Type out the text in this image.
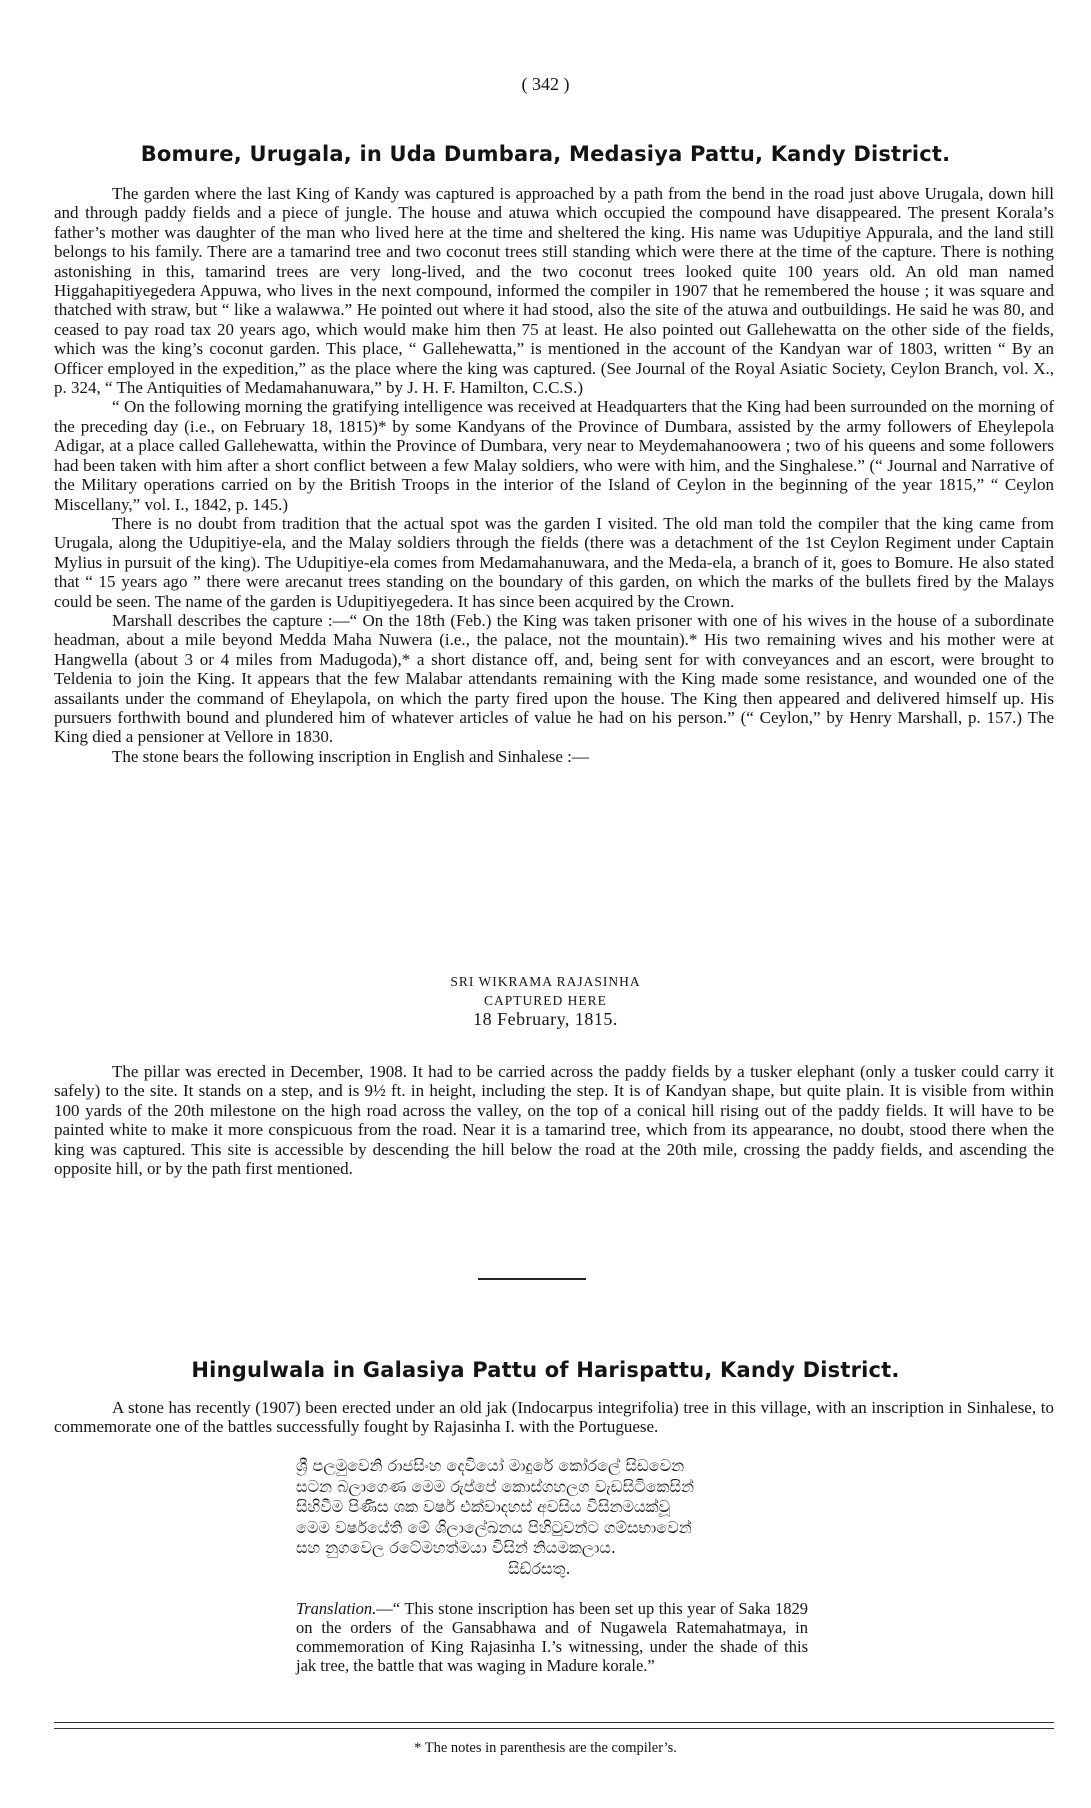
( 342 )
Bomure, Urugala, in Uda Dumbara, Medasiya Pattu, Kandy District.

The garden where the last King of Kandy was captured is approached by a path from the bend in the road just above Urugala, down hill and through paddy fields and a piece of jungle. The house and atuwa which occupied the compound have disappeared. The present Korala’s father’s mother was daughter of the man who lived here at the time and sheltered the king. His name was Udupitiye Appurala, and the land still belongs to his family. There are a tamarind tree and two coconut trees still standing which were there at the time of the capture. There is nothing astonishing in this, tamarind trees are very long-lived, and the two coconut trees looked quite 100 years old. An old man named Higgahapitiyegedera Appuwa, who lives in the next compound, informed the compiler in 1907 that he remembered the house ; it was square and thatched with straw, but “ like a walawwa.” He pointed out where it had stood, also the site of the atuwa and outbuildings. He said he was 80, and ceased to pay road tax 20 years ago, which would make him then 75 at least. He also pointed out Gallehewatta on the other side of the fields, which was the king’s coconut garden. This place, “ Gallehewatta,” is mentioned in the account of the Kandyan war of 1803, written “ By an Officer employed in the expedition,” as the place where the king was captured. (See Journal of the Royal Asiatic Society, Ceylon Branch, vol. X., p. 324, “ The Antiquities of Medamahanuwara,” by J. H. F. Hamilton, C.C.S.)

“ On the following morning the gratifying intelligence was received at Headquarters that the King had been surrounded on the morning of the preceding day (i.e., on February 18, 1815)* by some Kandyans of the Province of Dumbara, assisted by the army followers of Eheylepola Adigar, at a place called Gallehewatta, within the Province of Dumbara, very near to Meydemahanoowera ; two of his queens and some followers had been taken with him after a short conflict between a few Malay soldiers, who were with him, and the Singhalese.” (“ Journal and Narrative of the Military operations carried on by the British Troops in the interior of the Island of Ceylon in the beginning of the year 1815,” “ Ceylon Miscellany,” vol. I., 1842, p. 145.)

There is no doubt from tradition that the actual spot was the garden I visited. The old man told the compiler that the king came from Urugala, along the Udupitiye-ela, and the Malay soldiers through the fields (there was a detachment of the 1st Ceylon Regiment under Captain Mylius in pursuit of the king). The Udupitiye-ela comes from Medamahanuwara, and the Meda-ela, a branch of it, goes to Bomure. He also stated that “ 15 years ago ” there were arecanut trees standing on the boundary of this garden, on which the marks of the bullets fired by the Malays could be seen. The name of the garden is Udupitiyegedera. It has since been acquired by the Crown.

Marshall describes the capture :—“ On the 18th (Feb.) the King was taken prisoner with one of his wives in the house of a subordinate headman, about a mile beyond Medda Maha Nuwera (i.e., the palace, not the mountain).* His two remaining wives and his mother were at Hangwella (about 3 or 4 miles from Madugoda),* a short distance off, and, being sent for with conveyances and an escort, were brought to Teldenia to join the King. It appears that the few Malabar attendants remaining with the King made some resistance, and wounded one of the assailants under the command of Eheylapola, on which the party fired upon the house. The King then appeared and delivered himself up. His pursuers forthwith bound and plundered him of whatever articles of value he had on his person.” (“ Ceylon,” by Henry Marshall, p. 157.) The King died a pensioner at Vellore in 1830.

The stone bears the following inscription in English and Sinhalese :—

SRI WIKRAMA RAJASINHA
CAPTURED HERE
18 February, 1815.

The pillar was erected in December, 1908. It had to be carried across the paddy fields by a tusker elephant (only a tusker could carry it safely) to the site. It stands on a step, and is 9½ ft. in height, including the step. It is of Kandyan shape, but quite plain. It is visible from within 100 yards of the 20th milestone on the high road across the valley, on the top of a conical hill rising out of the paddy fields. It will have to be painted white to make it more conspicuous from the road. Near it is a tamarind tree, which from its appearance, no doubt, stood there when the king was captured. This site is accessible by descending the hill below the road at the 20th mile, crossing the paddy fields, and ascending the opposite hill, or by the path first mentioned.

Hingulwala in Galasiya Pattu of Harispattu, Kandy District.

A stone has recently (1907) been erected under an old jak (Indocarpus integrifolia) tree in this village, with an inscription in Sinhalese, to commemorate one of the battles successfully fought by Rajasinha I. with the Portuguese.

ශ්‍රී පලමුවෙනි රාජසිංහ දෙවියෝ මාදුරේ කෝරලේ සිඩවෙන
සටන බලාගෙණ මෙම රුප්පේ කොස්ගහලග වැඩසිටිකෙසින්
සිහිවීම පිණිස ශක වර්ෂ එක්වාදහස් අවසිය විසිනමයක්වූ
මෙම වර්ෂයේති මේ ශිලාලේඛනය පිහිටුවන්ට ගම්සභාවෙන්
සහ නුගවෙල රටේමහත්මයා විසින් නියමකලාය.
සිඩ්රසතු.

Translation.—“ This stone inscription has been set up this year of Saka 1829 on the orders of the Gansabhawa and of Nugawela Ratemahatmaya, in commemoration of King Rajasinha I.’s witnessing, under the shade of this jak tree, the battle that was waging in Madure korale.”

* The notes in parenthesis are the compiler’s.
